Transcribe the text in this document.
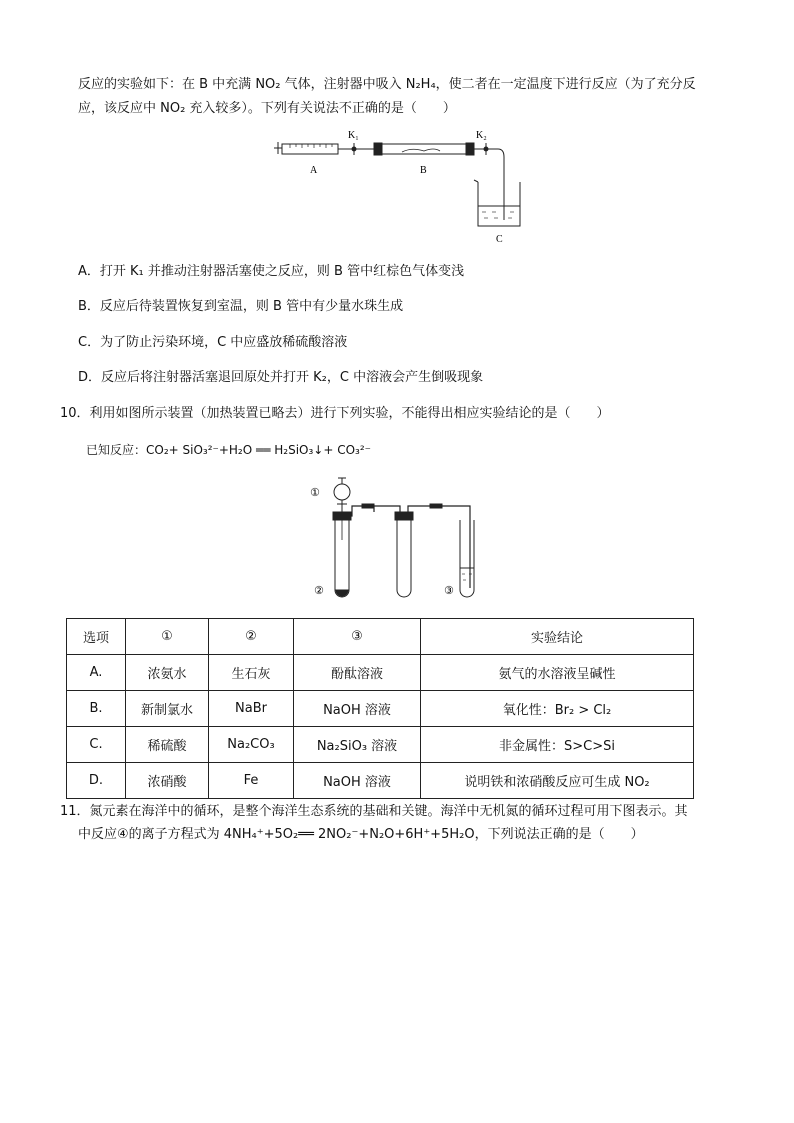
反应的实验如下：在 B 中充满 NO₂ 气体，注射器中吸入 N₂H₄，使二者在一定温度下进行反应（为了充分反
应，该反应中 NO₂ 充入较多）。下列有关说法不正确的是（　　）
A	B
C
K₁	K₂
A．打开 K₁ 并推动注射器活塞使之反应，则 B 管中红棕色气体变浅
B．反应后待装置恢复到室温，则 B 管中有少量水珠生成
C．为了防止污染环境，C 中应盛放稀硫酸溶液
D．反应后将注射器活塞退回原处并打开 K₂，C 中溶液会产生倒吸现象
10．利用如图所示装置（加热装置已略去）进行下列实验，不能得出相应实验结论的是（　　）
已知反应：CO₂+ SiO₃²⁻+H₂O ══ H₂SiO₃↓+ CO₃²⁻
①
②	③
选项	①	②	③	实验结论
A.	浓氨水	生石灰	酚酞溶液	氨气的水溶液呈碱性
B.	新制氯水	NaBr	NaOH 溶液	氧化性：Br₂ > Cl₂
C.	稀硫酸	Na₂CO₃	Na₂SiO₃ 溶液	非金属性：S>C>Si
D.	浓硝酸	Fe	NaOH 溶液	说明铁和浓硝酸反应可生成 NO₂
11．氮元素在海洋中的循环，是整个海洋生态系统的基础和关键。海洋中无机氮的循环过程可用下图表示。其
中反应④的离子方程式为 4NH₄⁺+5O₂══ 2NO₂⁻+N₂O+6H⁺+5H₂O，下列说法正确的是（　　）
